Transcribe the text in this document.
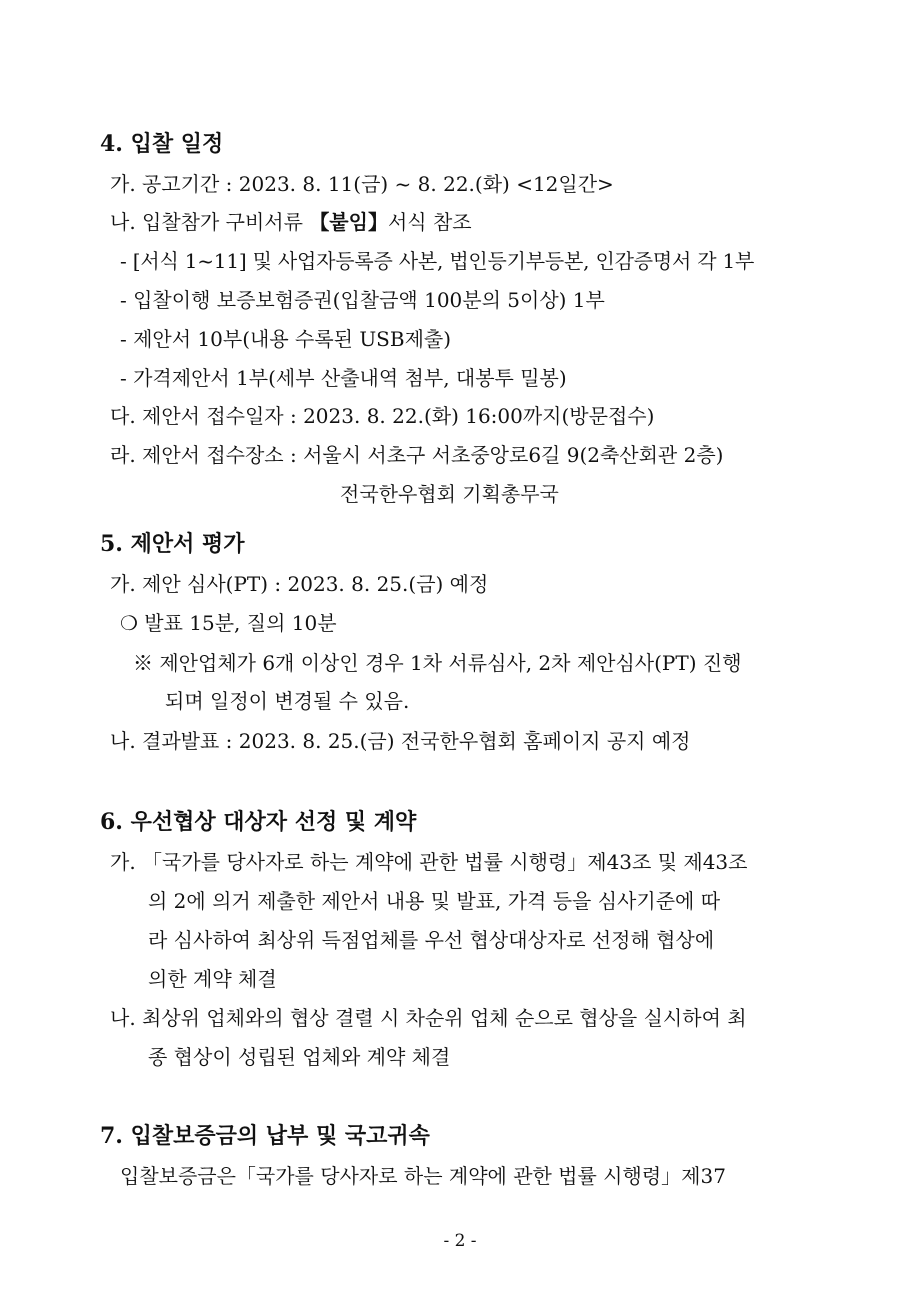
4. 입찰 일정
가. 공고기간 : 2023. 8. 11(금) ~ 8. 22.(화) <12일간>
나. 입찰참가 구비서류 【붙임】서식 참조
- [서식 1~11] 및 사업자등록증 사본, 법인등기부등본, 인감증명서 각 1부
- 입찰이행 보증보험증권(입찰금액 100분의 5이상) 1부
- 제안서 10부(내용 수록된 USB제출)
- 가격제안서 1부(세부 산출내역 첨부, 대봉투 밀봉)
다. 제안서 접수일자 : 2023. 8. 22.(화) 16:00까지(방문접수)
라. 제안서 접수장소 : 서울시 서초구 서초중앙로6길 9(2축산회관 2층)
전국한우협회 기획총무국
5. 제안서 평가
가. 제안 심사(PT) : 2023. 8. 25.(금) 예정
❍ 발표 15분, 질의 10분
※ 제안업체가 6개 이상인 경우 1차 서류심사, 2차 제안심사(PT) 진행
되며 일정이 변경될 수 있음.
나. 결과발표 : 2023. 8. 25.(금) 전국한우협회 홈페이지 공지 예정
6. 우선협상 대상자 선정 및 계약
가. 「국가를 당사자로 하는 계약에 관한 법률 시행령」제43조 및 제43조
의 2에 의거 제출한 제안서 내용 및 발표, 가격 등을 심사기준에 따
라 심사하여 최상위 득점업체를 우선 협상대상자로 선정해 협상에
의한 계약 체결
나. 최상위 업체와의 협상 결렬 시 차순위 업체 순으로 협상을 실시하여 최
종 협상이 성립된 업체와 계약 체결
7. 입찰보증금의 납부 및 국고귀속
입찰보증금은「국가를 당사자로 하는 계약에 관한 법률 시행령」제37
- 2 -
